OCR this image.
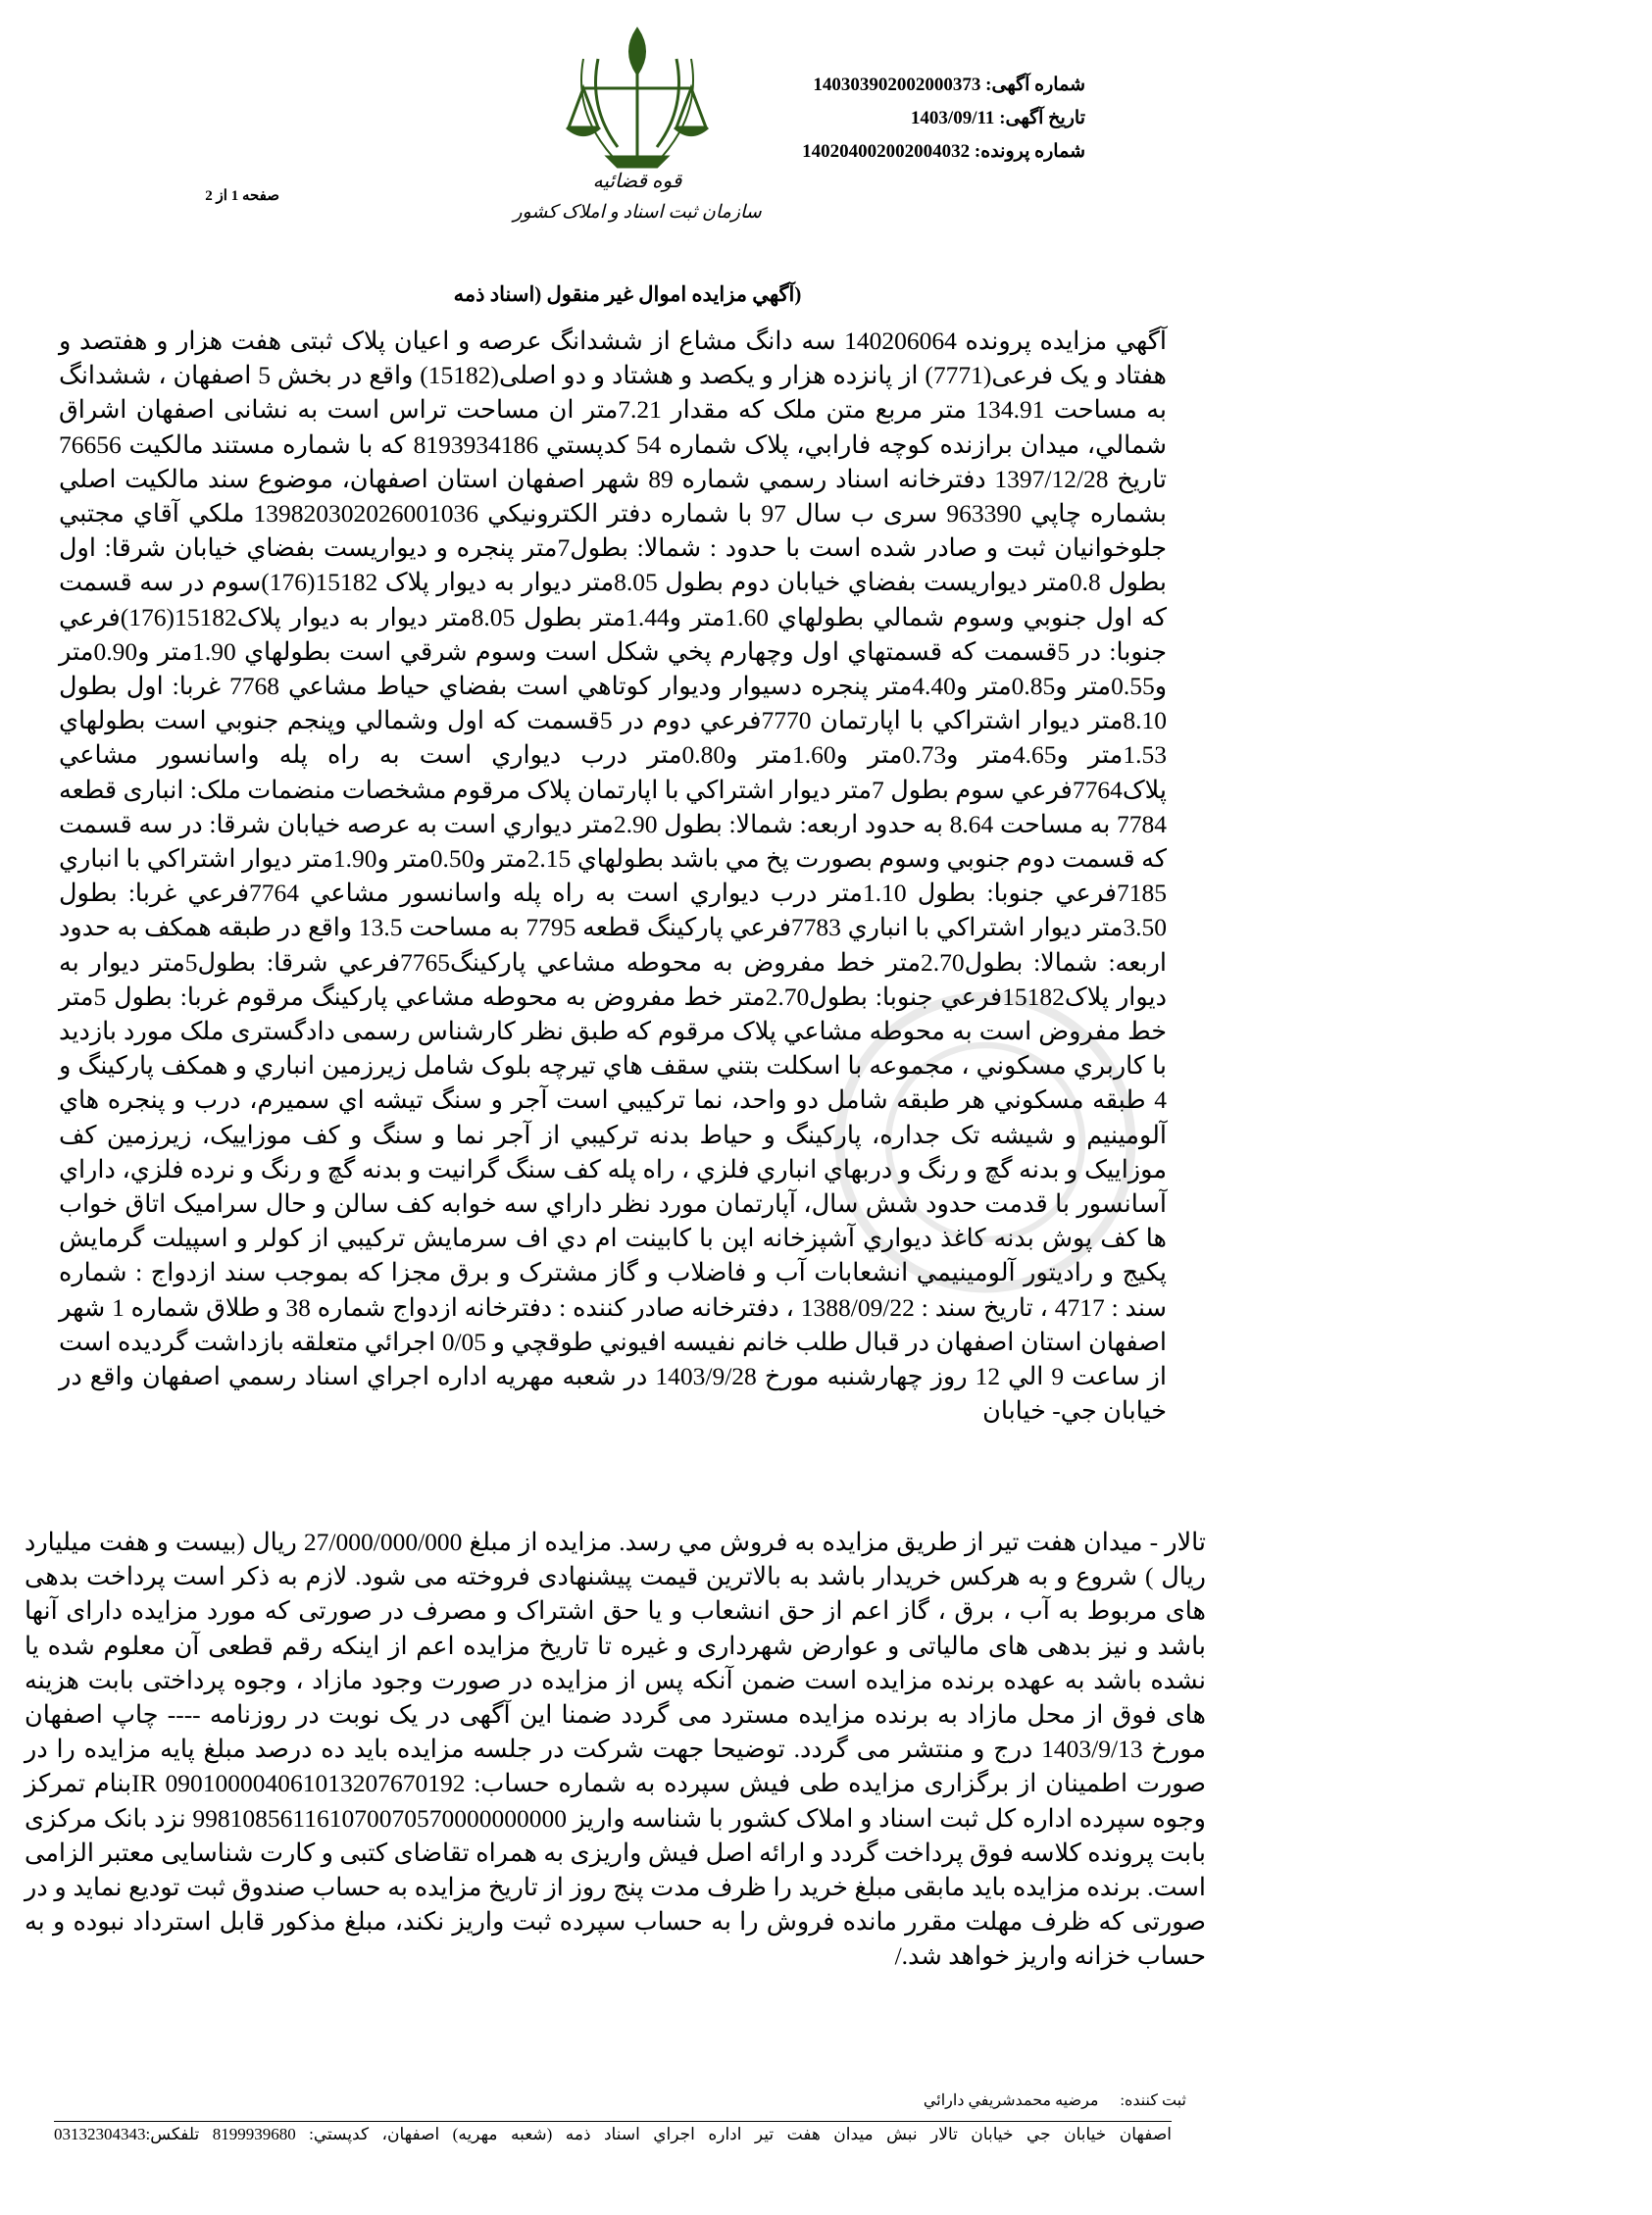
قوه قضائیه
سازمان ثبت اسناد و املاک کشور
شماره آگهی: 14030390200200037‌3
تاریخ آگهی: 1403/09/11
شماره پرونده: 140204002002004032
صفحه 1 از 2
(آگهي مزايده اموال غير منقول (اسناد ذمه

آگهي مزايده پرونده 140206064 سه دانگ مشاع از ششدانگ عرصه و اعيان پلاک ثبتی هفت هزار و هفتصد و هفتاد و یک فرعی(7771) از پانزده هزار و یکصد و هشتاد و دو اصلی(15182) واقع در بخش 5 اصفهان ، ششدانگ به مساحت 134.91 متر مربع متن ملک که مقدار 7.21متر ان مساحت تراس است به نشانی اصفهان اشراق شمالي، ميدان برازنده کوچه فارابي، پلاک شماره 54 کدپستي 8193934186 که با شماره مستند مالکيت 76656 تاريخ 1397/12/28 دفترخانه اسناد رسمي شماره 89 شهر اصفهان استان اصفهان، موضوع سند مالکيت اصلي بشماره چاپي 963390 سری ب سال 97 با شماره دفتر الکترونيکي 139820302026001036 ملکي آقاي مجتبي جلوخوانيان ثبت و صادر شده است با حدود : شمالا: بطول7متر پنجره و ديواريست بفضاي خيابان شرقا: اول بطول 0.8متر ديواريست بفضاي خيابان دوم بطول 8.05متر ديوار به ديوار پلاک 15182(176)سوم در سه قسمت که اول جنوبي وسوم شمالي بطولهاي 1.60متر و1.44متر بطول 8.05متر ديوار به ديوار پلاک15182(176)فرعي جنوبا: در 5قسمت که قسمتهاي اول وچهارم پخي شکل است وسوم شرقي است بطولهاي 1.90متر و0.90متر و0.55متر و0.85متر و4.40متر پنجره دسيوار وديوار کوتاهي است بفضاي حياط مشاعي 7768 غربا: اول بطول 8.10متر ديوار اشتراکي با اپارتمان 7770فرعي دوم در 5قسمت که اول وشمالي وپنجم جنوبي است بطولهاي 1.53متر و4.65متر و0.73متر و1.60متر و0.80متر درب ديواري است به راه پله واسانسور مشاعي پلاک7764فرعي سوم بطول 7متر ديوار اشتراکي با اپارتمان پلاک مرقوم مشخصات منضمات ملک: انباری قطعه 7784 به مساحت 8.64 به حدود اربعه: شمالا: بطول 2.90متر ديواري است به عرصه خيابان شرقا: در سه قسمت که قسمت دوم جنوبي وسوم بصورت پخ مي باشد بطولهاي 2.15متر و0.50متر و1.90متر ديوار اشتراکي با انباري 7185فرعي جنوبا: بطول 1.10متر درب ديواري است به راه پله واسانسور مشاعي 7764فرعي غربا: بطول 3.50متر ديوار اشتراکي با انباري 7783فرعي پارکينگ قطعه 7795 به مساحت 13.5 واقع در طبقه همکف به حدود اربعه: شمالا: بطول2.70متر خط مفروض به محوطه مشاعي پارکينگ7765فرعي شرقا: بطول5متر ديوار به ديوار پلاک15182فرعي جنوبا: بطول2.70متر خط مفروض به محوطه مشاعي پارکينگ مرقوم غربا: بطول 5متر خط مفروض است به محوطه مشاعي پلاک مرقوم که طبق نظر کارشناس رسمی دادگستری ملک مورد بازديد با کاربري مسکوني ، مجموعه با اسکلت بتني سقف هاي تيرچه بلوک شامل زيرزمين انباري و همکف پارکينگ و 4 طبقه مسکوني هر طبقه شامل دو واحد، نما ترکيبي است آجر و سنگ تيشه اي سميرم، درب و پنجره هاي آلومينيم و شيشه تک جداره، پارکينگ و حياط بدنه ترکيبي از آجر نما و سنگ و کف موزاييک، زيرزمين کف موزاييک و بدنه گچ و رنگ و دربهاي انباري فلزي ، راه پله کف سنگ گرانيت و بدنه گچ و رنگ و نرده فلزي، داراي آسانسور با قدمت حدود شش سال، آپارتمان مورد نظر داراي سه خوابه کف سالن و حال سراميک اتاق خواب ها کف پوش بدنه کاغذ ديواري آشپزخانه اپن با کابينت ام دي اف سرمايش ترکيبي از کولر و اسپيلت گرمايش پکيج و راديتور آلومينيمي انشعابات آب و فاضلاب و گاز مشترک و برق مجزا که بموجب سند ازدواج : شماره سند : 4717 ، تاريخ سند : 1388/09/22 ، دفترخانه صادر کننده : دفترخانه ازدواج شماره 38 و طلاق شماره 1 شهر اصفهان استان اصفهان در قبال طلب خانم نفيسه افيوني طوقچي و 0/05 اجرائي متعلقه بازداشت گرديده است از ساعت 9 الي 12 روز چهارشنبه مورخ 1403/9/28 در شعبه مهريه اداره اجراي اسناد رسمي اصفهان واقع در خيابان جي- خيابان

تالار - ميدان هفت تير از طريق مزايده به فروش مي رسد. مزايده از مبلغ 27/000/000/000 ریال (بیست و هفت میلیارد ریال ) شروع و به هرکس خریدار باشد به بالاترین قیمت پیشنهادی فروخته می شود. لازم به ذکر است پرداخت بدهی های مربوط به آب ، برق ، گاز اعم از حق انشعاب و یا حق اشتراک و مصرف در صورتی که مورد مزایده دارای آنها باشد و نیز بدهی های مالیاتی و عوارض شهرداری و غیره تا تاریخ مزایده اعم از اینکه رقم قطعی آن معلوم شده یا نشده باشد به عهده برنده مزایده است ضمن آنکه پس از مزایده در صورت وجود مازاد ، وجوه پرداختی بابت هزینه های فوق از محل مازاد به برنده مزایده مسترد می گردد ضمنا این آگهی در یک نوبت در روزنامه ---- چاپ اصفهان مورخ 1403/9/13 درج و منتشر می گردد. توضیحا جهت شرکت در جلسه مزایده باید ده درصد مبلغ پایه مزایده را در صورت اطمینان از برگزاری مزایده طی فیش سپرده به شماره حساب: IR 090100004061013207670192بنام تمرکز وجوه سپرده اداره کل ثبت اسناد و املاک کشور با شناسه واریز 998108561161070070570000000000 نزد بانک مرکزی بابت پرونده کلاسه فوق پرداخت گردد و ارائه اصل فیش واریزی به همراه تقاضای کتبی و کارت شناسایی معتبر الزامی است. برنده مزایده باید مابقی مبلغ خرید را ظرف مدت پنج روز از تاریخ مزایده به حساب صندوق ثبت تودیع نماید و در صورتی که ظرف مهلت مقرر مانده فروش را به حساب سپرده ثبت واریز نکند، مبلغ مذکور قابل استرداد نبوده و به حساب خزانه واریز خواهد شد./

ثبت کننده: مرضیه محمدشریفي دارائي
اصفهان خيابان جي خيابان تالار نبش ميدان هفت تير اداره اجراي اسناد ذمه (شعبه مهريه) اصفهان، کدپستي: 8199939680 تلفکس:03132304343
